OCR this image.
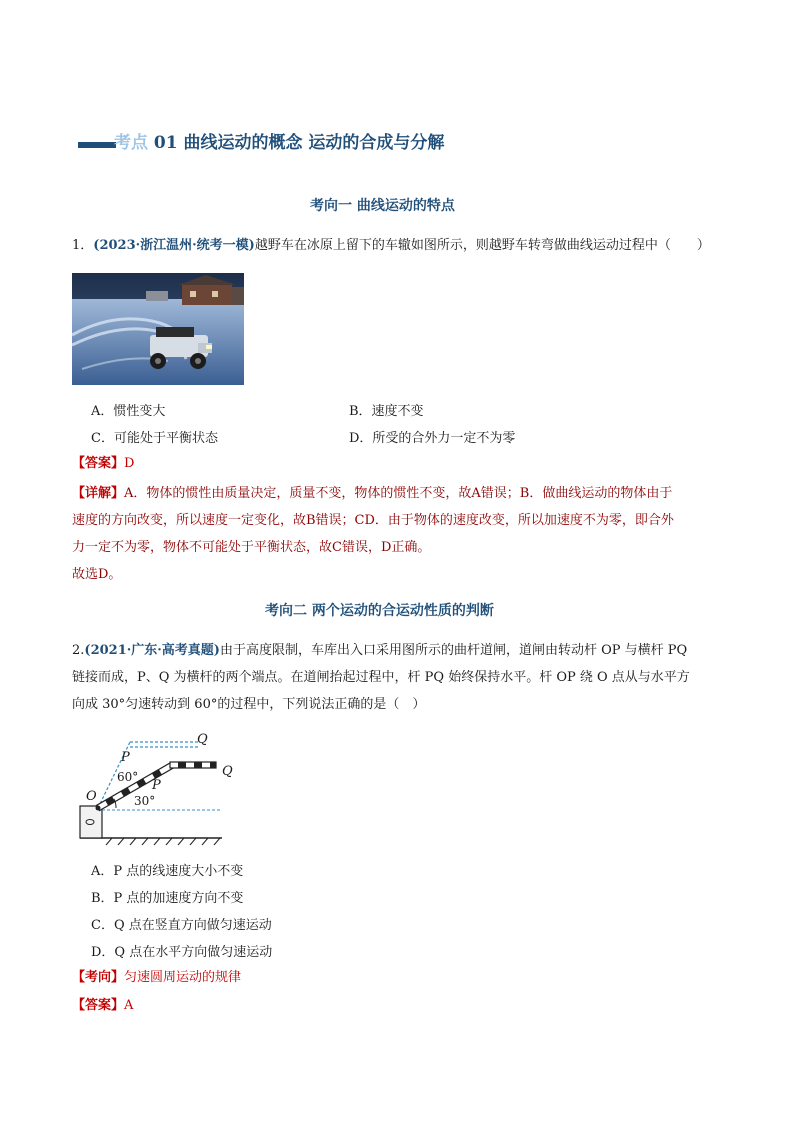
考点 01 曲线运动的概念 运动的合成与分解
考向一 曲线运动的特点
1．(2023·浙江温州·统考一模)越野车在冰原上留下的车辙如图所示，则越野车转弯做曲线运动过程中（　　）
A．惯性变大	B．速度不变
C．可能处于平衡状态	D．所受的合外力一定不为零
【答案】D
【详解】A．物体的惯性由质量决定，质量不变，物体的惯性不变，故A错误；B．做曲线运动的物体由于
速度的方向改变，所以速度一定变化，故B错误；CD．由于物体的速度改变，所以加速度不为零，即合外
力一定不为零，物体不可能处于平衡状态，故C错误，D正确。
故选D。
考向二 两个运动的合运动性质的判断
2.(2021·广东·高考真题)由于高度限制，车库出入口采用图所示的曲杆道闸，道闸由转动杆 OP 与横杆 PQ
链接而成，P、Q 为横杆的两个端点。在道闸抬起过程中，杆 PQ 始终保持水平。杆 OP 绕 O 点从与水平方
向成 30°匀速转动到 60°的过程中，下列说法正确的是（　）
Q
P
Q
60°
P
O	30°
A．P 点的线速度大小不变
B．P 点的加速度方向不变
C．Q 点在竖直方向做匀速运动
D．Q 点在水平方向做匀速运动
【考向】匀速圆周运动的规律
【答案】A
